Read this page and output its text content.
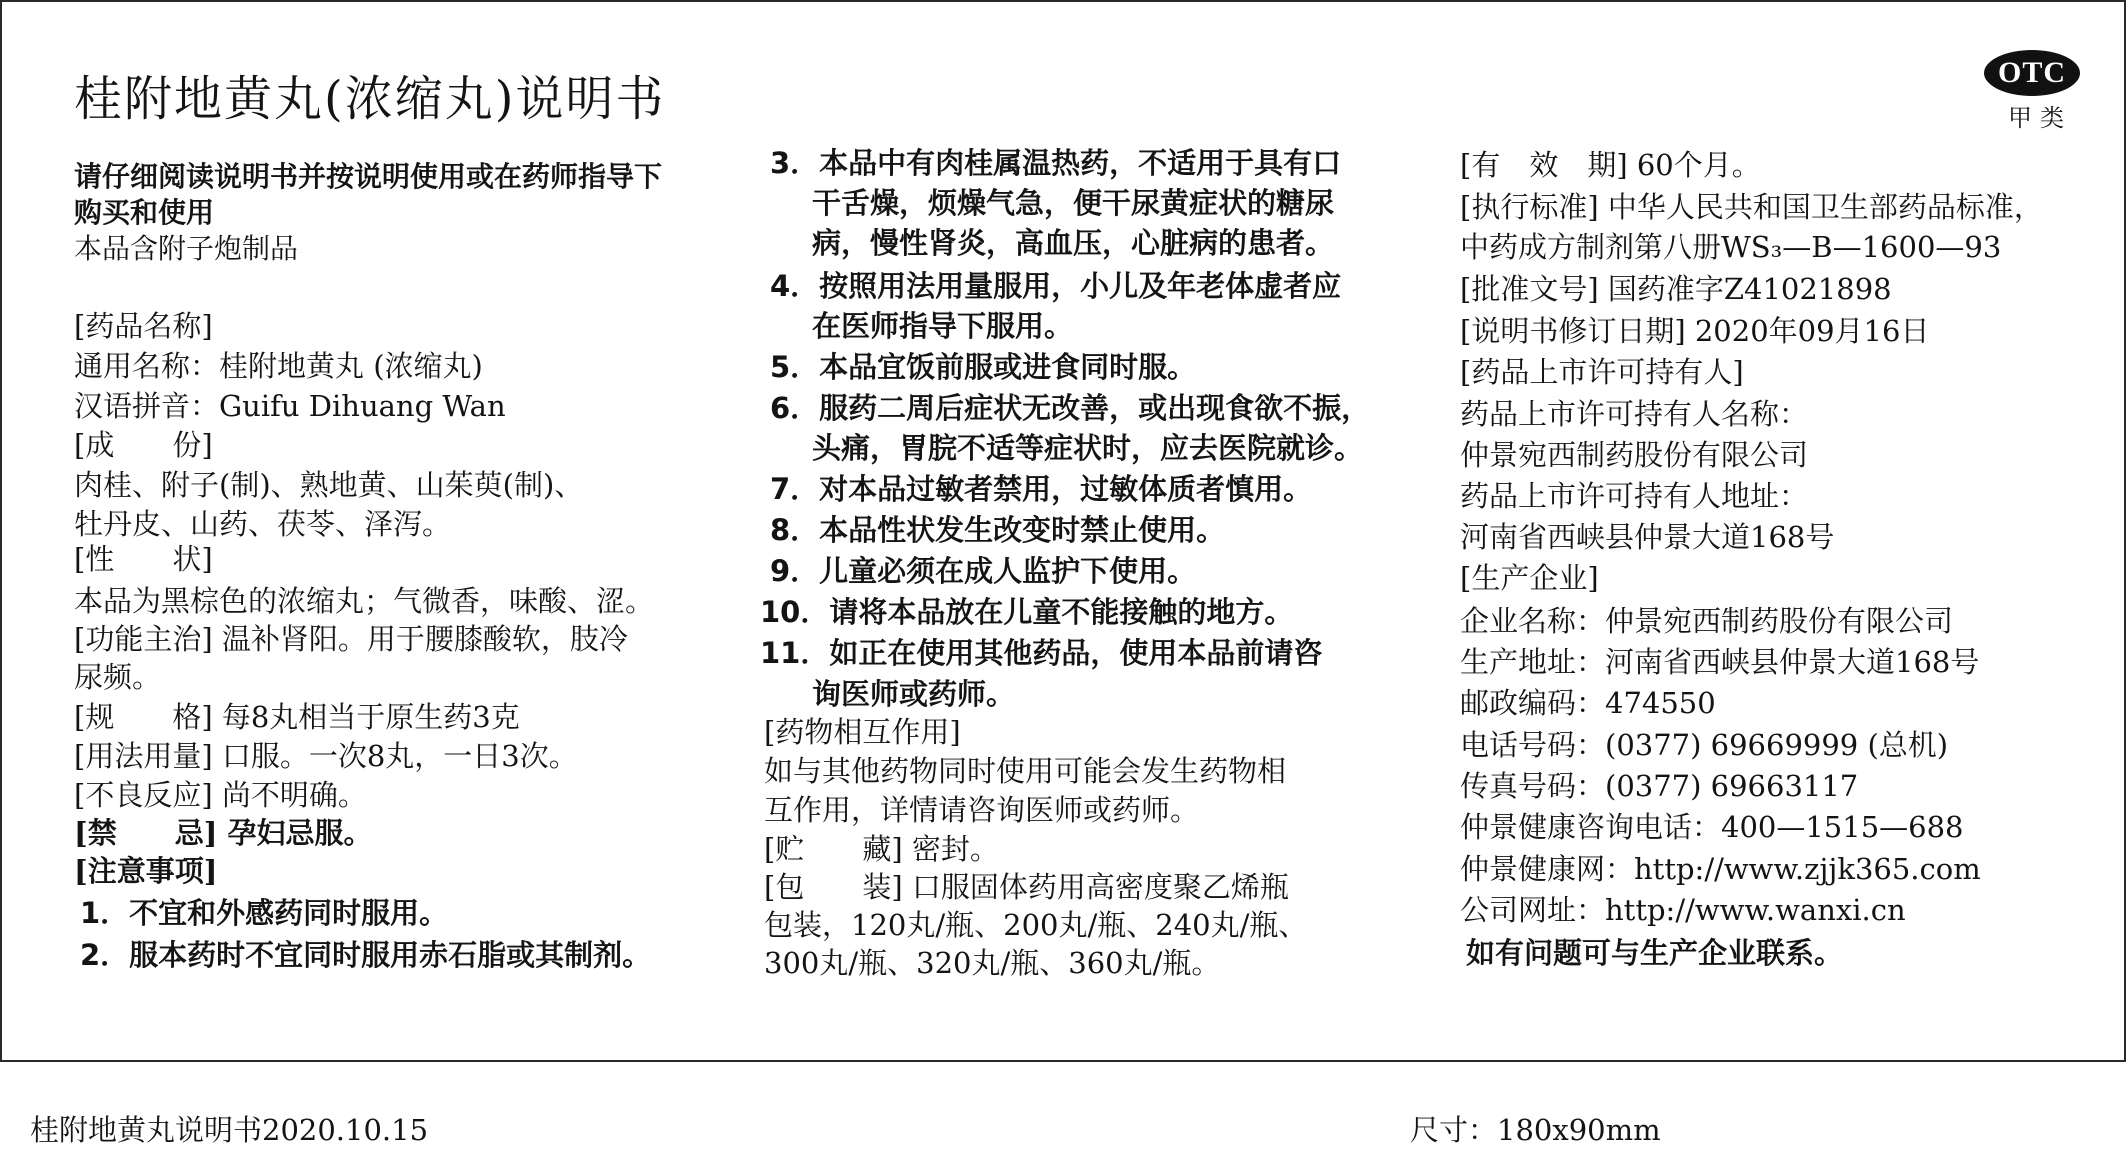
桂附地黄丸(浓缩丸)说明书	OTC
甲类
请仔细阅读说明书并按说明使用或在药师指导下
购买和使用
本品含附子炮制品
[药品名称]
通用名称：桂附地黄丸 (浓缩丸)
汉语拼音：Guifu Dihuang Wan
[成　　份]
肉桂、附子(制)、熟地黄、山茱萸(制)、
牡丹皮、山药、茯苓、泽泻。
[性　　状]
本品为黑棕色的浓缩丸；气微香，味酸、涩。
[功能主治] 温补肾阳。用于腰膝酸软，肢冷
尿频。
[规　　格] 每8丸相当于原生药3克
[用法用量] 口服。一次8丸，一日3次。
[不良反应] 尚不明确。
[禁　　忌] 孕妇忌服。
[注意事项]
1．不宜和外感药同时服用。
2．服本药时不宜同时服用赤石脂或其制剂。
3．本品中有肉桂属温热药，不适用于具有口
干舌燥，烦燥气急，便干尿黄症状的糖尿
病，慢性肾炎，高血压，心脏病的患者。
4．按照用法用量服用，小儿及年老体虚者应
在医师指导下服用。
5．本品宜饭前服或进食同时服。
6．服药二周后症状无改善，或出现食欲不振，
头痛，胃脘不适等症状时，应去医院就诊。
7．对本品过敏者禁用，过敏体质者慎用。
8．本品性状发生改变时禁止使用。
9．儿童必须在成人监护下使用。
10．请将本品放在儿童不能接触的地方。
11．如正在使用其他药品，使用本品前请咨
询医师或药师。
[药物相互作用]
如与其他药物同时使用可能会发生药物相
互作用，详情请咨询医师或药师。
[贮　　藏] 密封。
[包　　装] 口服固体药用高密度聚乙烯瓶
包装，120丸/瓶、200丸/瓶、240丸/瓶、
300丸/瓶、320丸/瓶、360丸/瓶。
[有　效　期] 60个月。
[执行标准] 中华人民共和国卫生部药品标准，
中药成方制剂第八册WS₃—B—1600—93
[批准文号] 国药准字Z41021898
[说明书修订日期] 2020年09月16日
[药品上市许可持有人]
药品上市许可持有人名称：
仲景宛西制药股份有限公司
药品上市许可持有人地址：
河南省西峡县仲景大道168号
[生产企业]
企业名称：仲景宛西制药股份有限公司
生产地址：河南省西峡县仲景大道168号
邮政编码：474550
电话号码：(0377) 69669999 (总机)
传真号码：(0377) 69663117
仲景健康咨询电话：400—1515—688
仲景健康网：http://www.zjjk365.com
公司网址：http://www.wanxi.cn
如有问题可与生产企业联系。
桂附地黄丸说明书2020.10.15	尺寸：180x90mm
